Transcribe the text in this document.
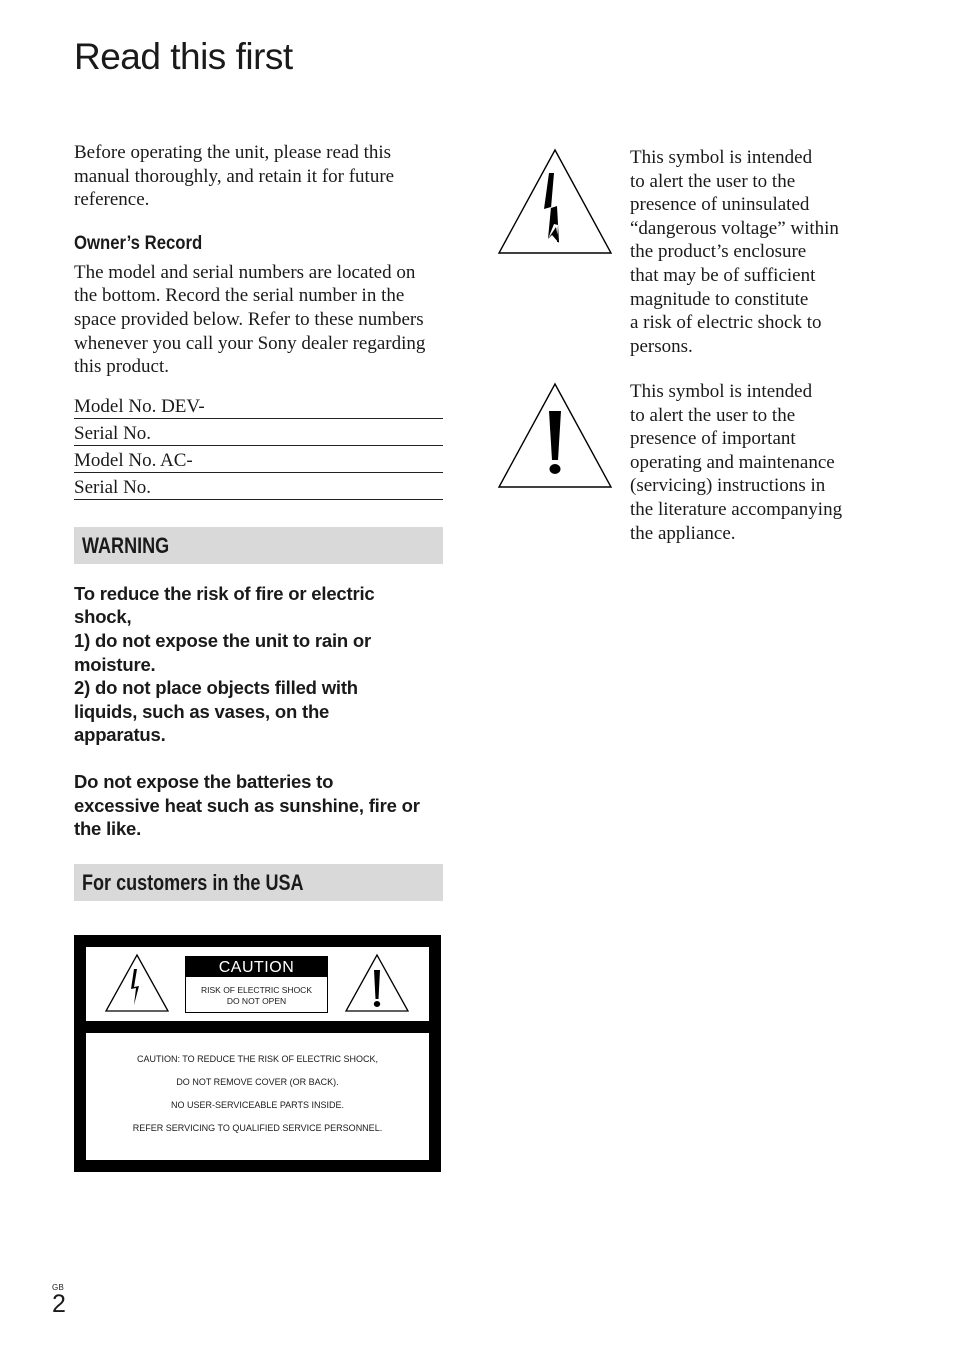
Read this first

Before operating the unit, please read this manual thoroughly, and retain it for future reference.

Owner’s Record

The model and serial numbers are located on the bottom. Record the serial number in the space provided below. Refer to these numbers whenever you call your Sony dealer regarding this product.

Model No. DEV-
Serial No.
Model No. AC-
Serial No.
WARNING

To reduce the risk of fire or electric

shock,

1) do not expose the unit to rain or

moisture.

2) do not place objects filled with

liquids, such as vases, on the

apparatus.

Do not expose the batteries to

excessive heat such as sunshine, fire or

the like.

For customers in the USA
CAUTION
RISK OF ELECTRIC SHOCK
DO NOT OPEN
CAUTION: TO REDUCE THE RISK OF ELECTRIC SHOCK,
DO NOT REMOVE COVER (OR BACK).
NO USER-SERVICEABLE PARTS INSIDE.
REFER SERVICING TO QUALIFIED SERVICE PERSONNEL.
This symbol is intended
to alert the user to the
presence of uninsulated
“dangerous voltage” within
the product’s enclosure
that may be of sufficient
magnitude to constitute
a risk of electric shock to
persons.
This symbol is intended
to alert the user to the
presence of important
operating and maintenance
(servicing) instructions in
the literature accompanying
the appliance.
GB
2
